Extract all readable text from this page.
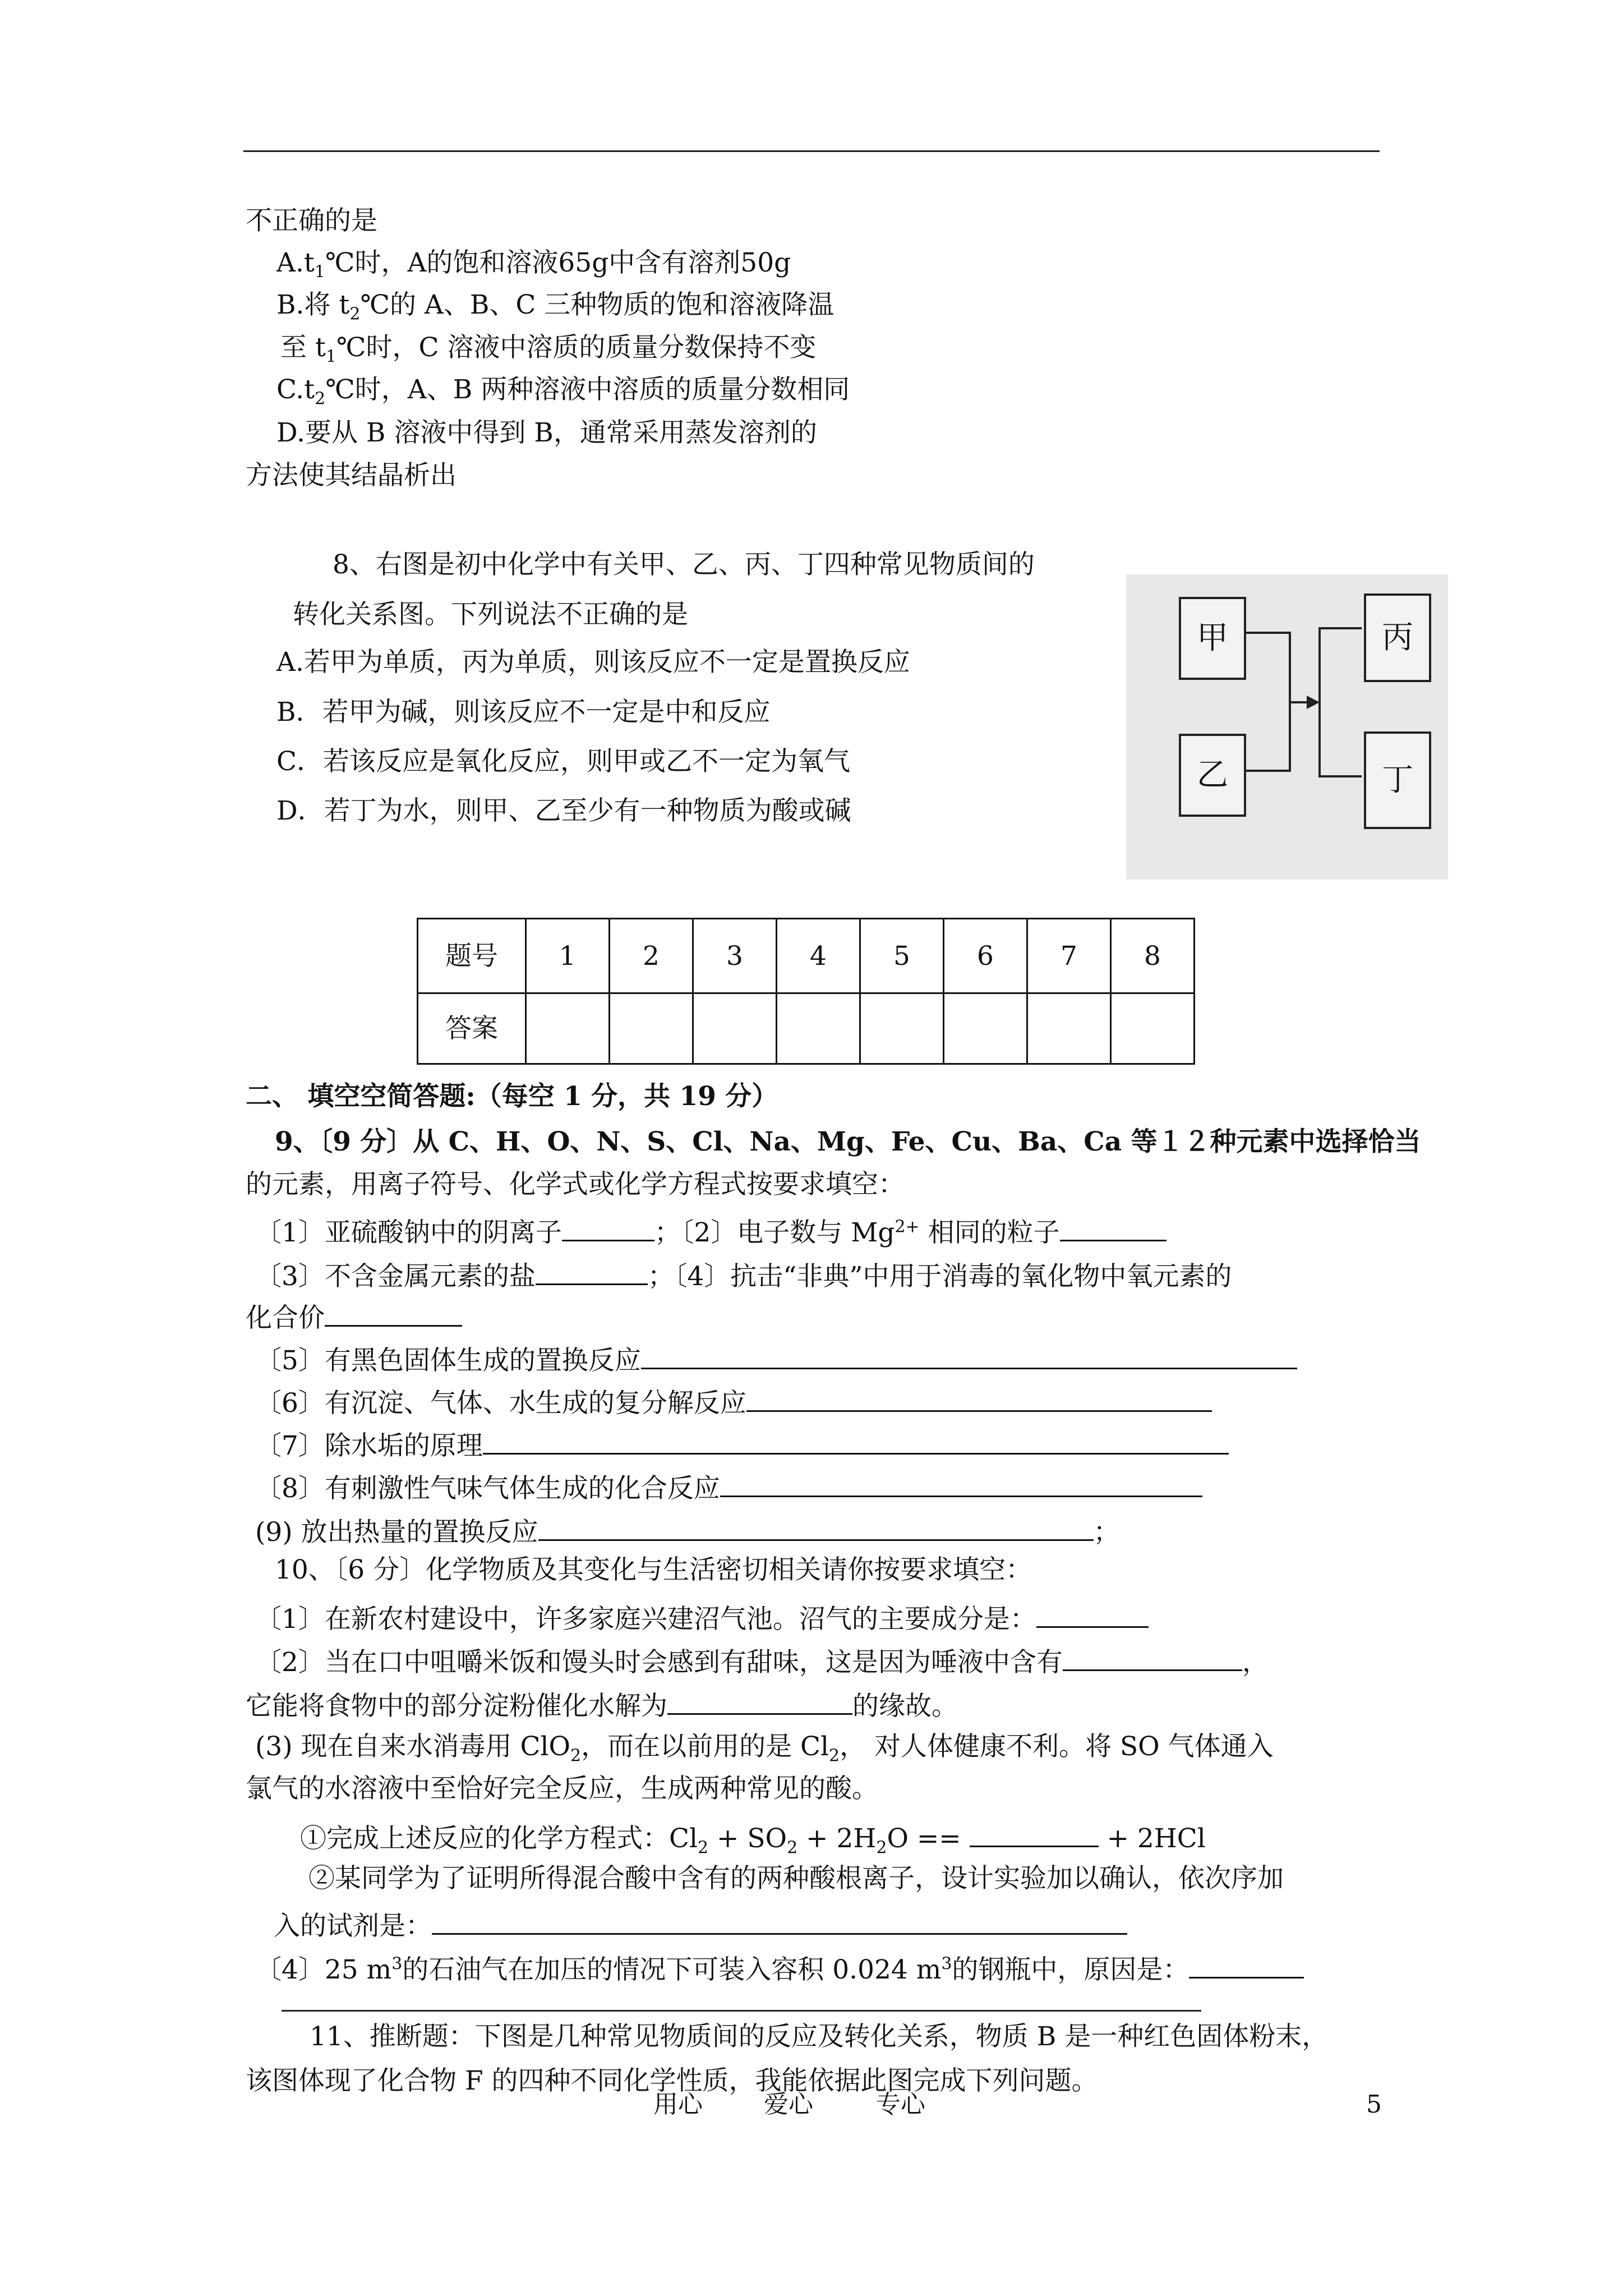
不正确的是
$A.t_1℃$时，A的饱和溶液65g中含有溶剂50g
B.将 $t_2℃$的 A、B、C 三种物质的饱和溶液降温
至 $t_1℃$时，C 溶液中溶质的质量分数保持不变
$C.t_2℃$时，A、B 两种溶液中溶质的质量分数相同
D.要从 B 溶液中得到 B，通常采用蒸发溶剂的
方法使其结晶析出
8、右图是初中化学中有关甲、乙、丙、丁四种常见物质间的
转化关系图。下列说法不正确的是
A.若甲为单质，丙为单质，则该反应不一定是置换反应
B．若甲为碱，则该反应不一定是中和反应
C．若该反应是氧化反应，则甲或乙不一定为氧气
D．若丁为水，则甲、乙至少有一种物质为酸或碱
甲
乙
丙
丁
题号	1	2	3	4	5	6	7	8
答案								
二、 填空空简答题:（每空 1 分，共 19 分）
9、〔9 分〕从 C、H、O、N、S、Cl、Na、Mg、Fe、Cu、Ba、Ca 等１２种元素中选择恰当
的元素，用离子符号、化学式或化学方程式按要求填空：
〔1〕亚硫酸钠中的阴离子	；〔2〕电子数与 $Mg^{2+}$ 相同的粒子
〔3〕不含金属元素的盐	；〔4〕抗击“非典”中用于消毒的氧化物中氧元素的
化合价
〔5〕有黑色固体生成的置换反应
〔6〕有沉淀、气体、水生成的复分解反应
〔7〕除水垢的原理
〔8〕有刺激性气味气体生成的化合反应
(9) 放出热量的置换反应	；
10、〔6 分〕化学物质及其变化与生活密切相关请你按要求填空：
〔1〕在新农村建设中，许多家庭兴建沼气池。沼气的主要成分是：
〔2〕当在口中咀嚼米饭和馒头时会感到有甜味，这是因为唾液中含有	，
它能将食物中的部分淀粉催化水解为	的缘故。
(3) 现在自来水消毒用 ClO$_2$，而在以前用的是 $Cl_2$， 对人体健康不利。将 SO 气体通入
氯气的水溶液中至恰好完全反应，生成两种常见的酸。
①完成上述反应的化学方程式：$Cl_2 + SO_2 + 2H_2O$ ==	+ 2HCl
②某同学为了证明所得混合酸中含有的两种酸根离子，设计实验加以确认，依次序加
入的试剂是：
〔4〕25 $m^3$的石油气在加压的情况下可装入容积 0.024 $m^3$的钢瓶中，原因是：
11、推断题：下图是几种常见物质间的反应及转化关系，物质 B 是一种红色固体粉末，
该图体现了化合物 F 的四种不同化学性质，我能依据此图完成下列问题。
用心 爱心	专心	5
